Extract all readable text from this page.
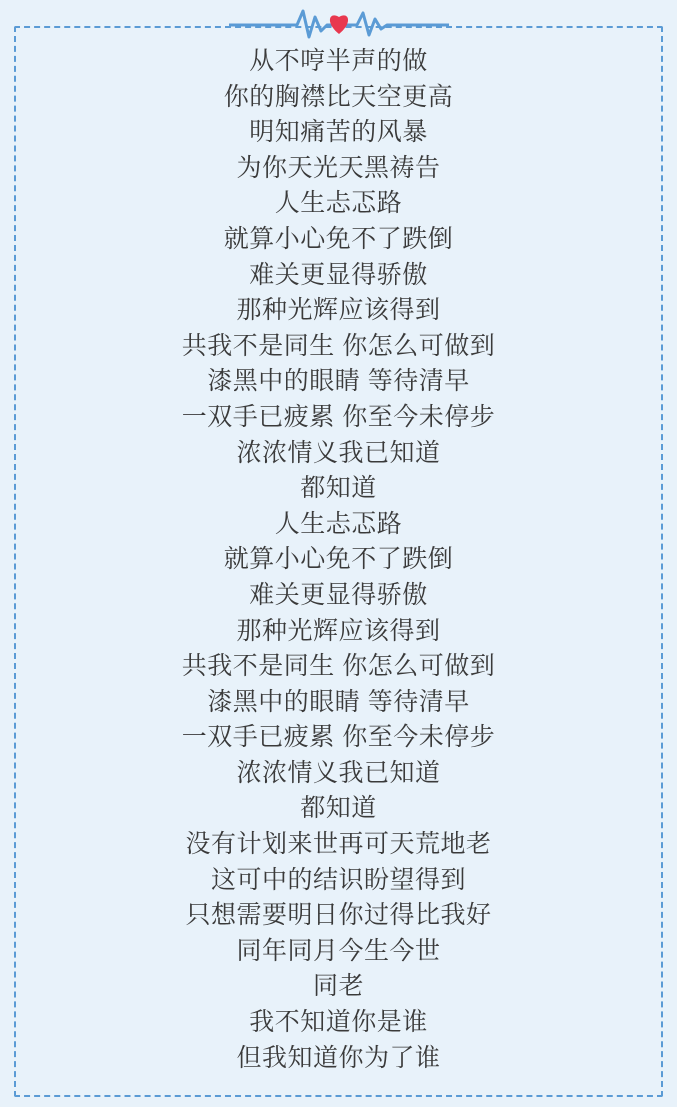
从不哼半声的做
你的胸襟比天空更高
明知痛苦的风暴
为你天光天黑祷告
人生忐忑路
就算小心免不了跌倒
难关更显得骄傲
那种光辉应该得到
共我不是同生 你怎么可做到
漆黑中的眼睛 等待清早
一双手已疲累 你至今未停步
浓浓情义我已知道
都知道
人生忐忑路
就算小心免不了跌倒
难关更显得骄傲
那种光辉应该得到
共我不是同生 你怎么可做到
漆黑中的眼睛 等待清早
一双手已疲累 你至今未停步
浓浓情义我已知道
都知道
没有计划来世再可天荒地老
这可中的结识盼望得到
只想需要明日你过得比我好
同年同月今生今世
同老
我不知道你是谁
但我知道你为了谁
